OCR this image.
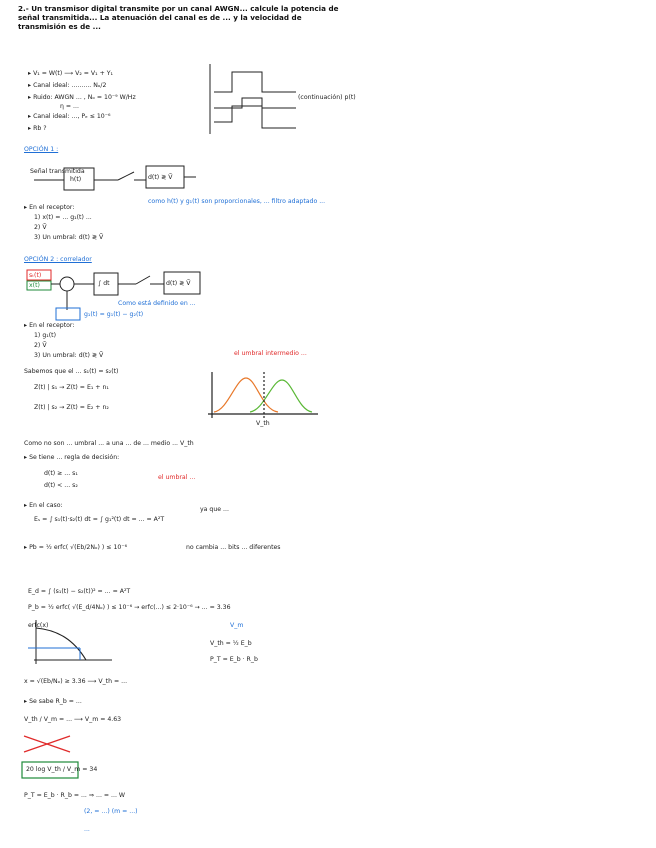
2.- Un transmisor digital transmite por un canal AWGN... calcule la potencia de señal transmitida... La atenuación del canal es de ... y la velocidad de transmisión es de ...
▸ V₁ = W(t) ⟶ V₂ = V₁ + Y₁
▸ Canal ideal: .......... Nₒ/2
▸ Ruido: AWGN ... , Nₒ = 10⁻⁹ W/Hz
η = ...
▸ Canal ideal: ..., Pₑ ≤ 10⁻⁶
▸ Rb ?
(continuación) p(t)
OPCIÓN 1 :
Señal transmitida
h(t)	d(t) ≷ Ṽ
como h(t) y g₁(t) son proporcionales, ... filtro adaptado ...
▸ En el receptor:
1) x(t) = ... g₁(t) ...
2) Ṽ
3) Un umbral: d(t) ≷ Ṽ
OPCIÓN 2 : correlador
sₜ(t)
x(t)	∫ dt	d(t) ≷ Ṽ
Como está definido en ...
g₁(t) = g₁(t) − g₂(t)
▸ En el receptor:
1) g₁(t)
2) Ṽ
3) Un umbral: d(t) ≷ Ṽ
Sabemos que el ... s₁(t) = s₂(t)
Z(t) | s₁ → Z(t) = E₁ + n₁
Z(t) | s₂ → Z(t) = E₂ + n₂
el umbral intermedio ...
V_th
Como no son ... umbral ... a una ... de ... medio ... V_th
▸ Se tiene ... regla de decisión:
d(t) ≥ ... s₁
d(t) < ... s₂
el umbral ...
▸ En el caso:
Eₛ = ∫ s₁(t)·s₂(t) dt = ∫ g₁²(t) dt = ... = A²T
ya que ...
▸ Pb = ½ erfc( √(Eb/2Nₒ) ) ≤ 10⁻⁶	no cambia ... bits ... diferentes
E_d = ∫ (s₁(t) − s₂(t))² = ... = A²T
P_b = ½ erfc( √(E_d/4Nₒ) ) ≤ 10⁻⁶ → erfc(...) ≤ 2·10⁻⁶ → ... = 3.36
erfc(x)	V_m
V_th = ½ E_b
P_T = E_b · R_b
x = √(Eb/Nₒ) ≥ 3.36 ⟶ V_th = ...
▸ Se sabe R_b = ...
V_th / V_m = ... ⟶ V_m = 4.63
20 log V_th / V_m = 34
P_T = E_b · R_b = ... ⇒ ... = ... W
(2, = ...) (m = ...)
...
